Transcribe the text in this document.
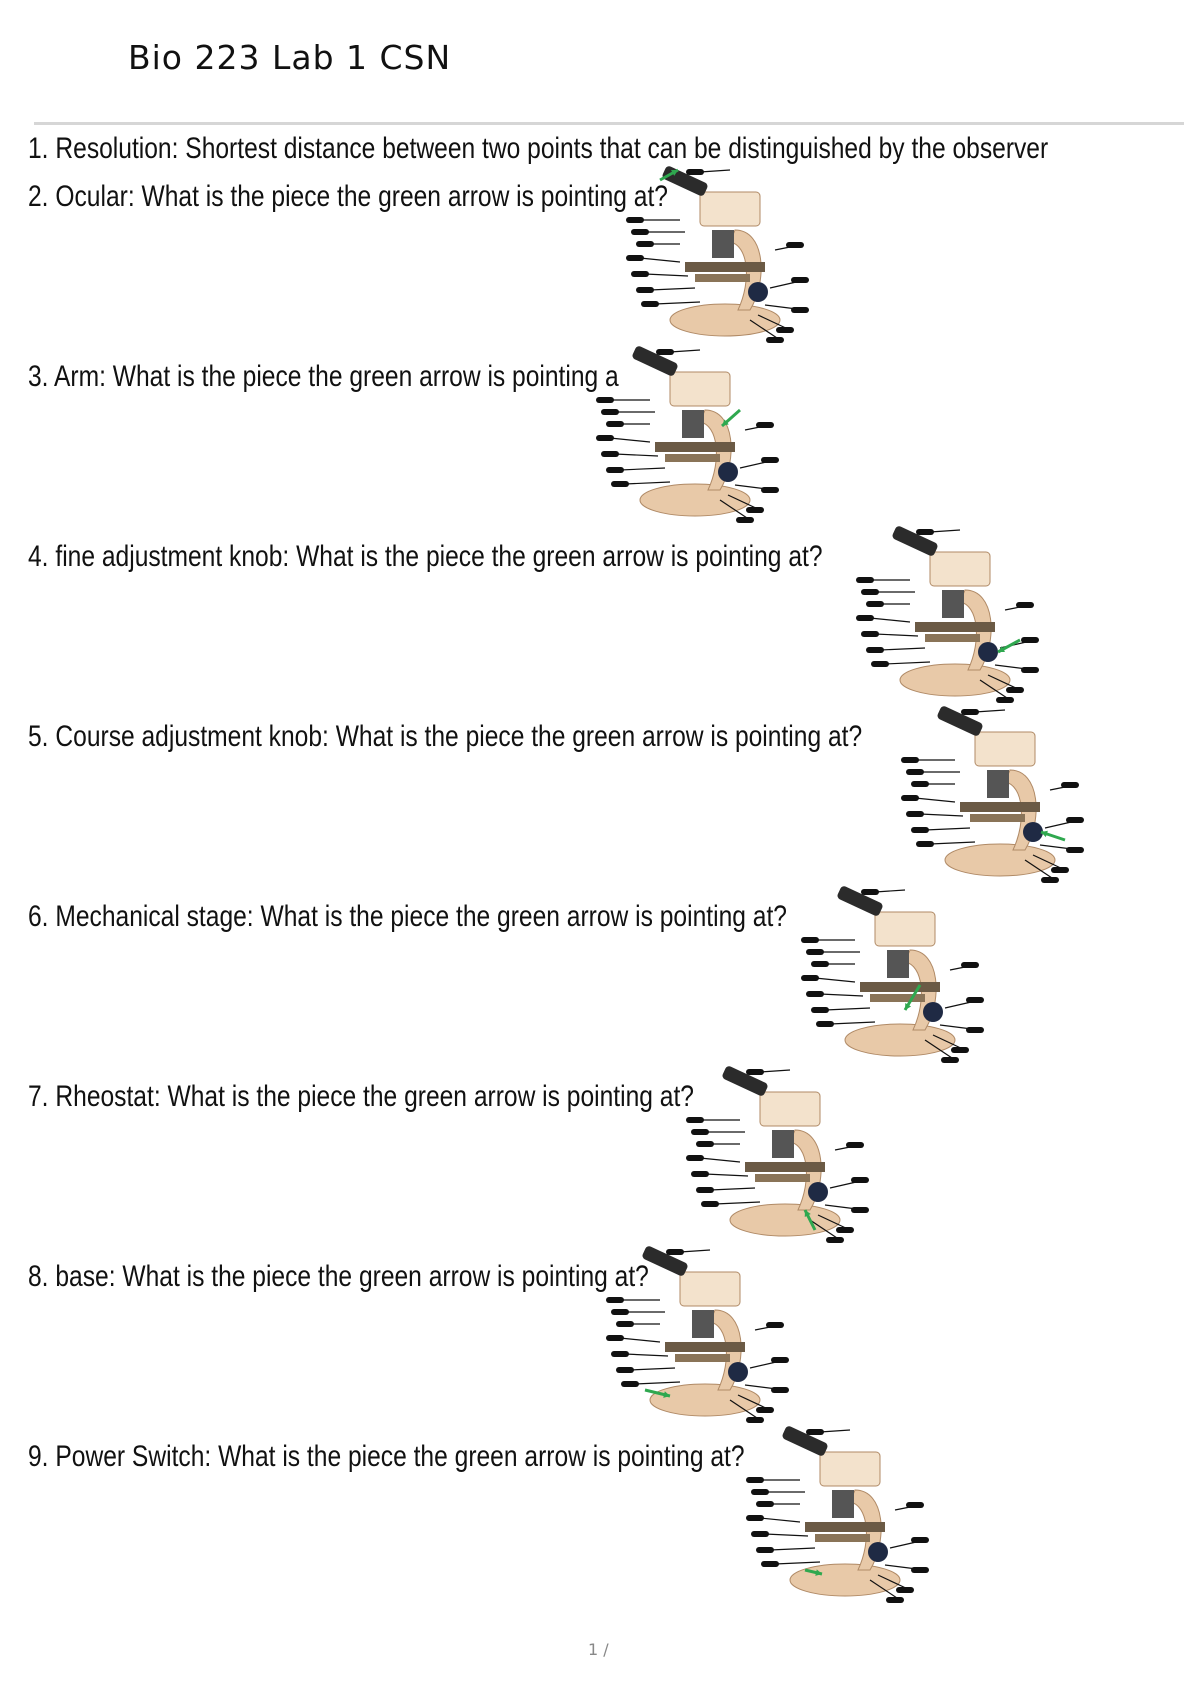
Bio 223 Lab 1 CSN
1. Resolution: Shortest distance between two points that can be distinguished by the observer
2. Ocular: What is the piece the green arrow is pointing at?
3. Arm: What is the piece the green arrow is pointing a
4. fine adjustment knob: What is the piece the green arrow is pointing at?
5. Course adjustment knob: What is the piece the green arrow is pointing at?
6. Mechanical stage: What is the piece the green arrow is pointing at?
7. Rheostat: What is the piece the green arrow is pointing at?
8. base: What is the piece the green arrow is pointing at?
9. Power Switch: What is the piece the green arrow is pointing at?
1 /
